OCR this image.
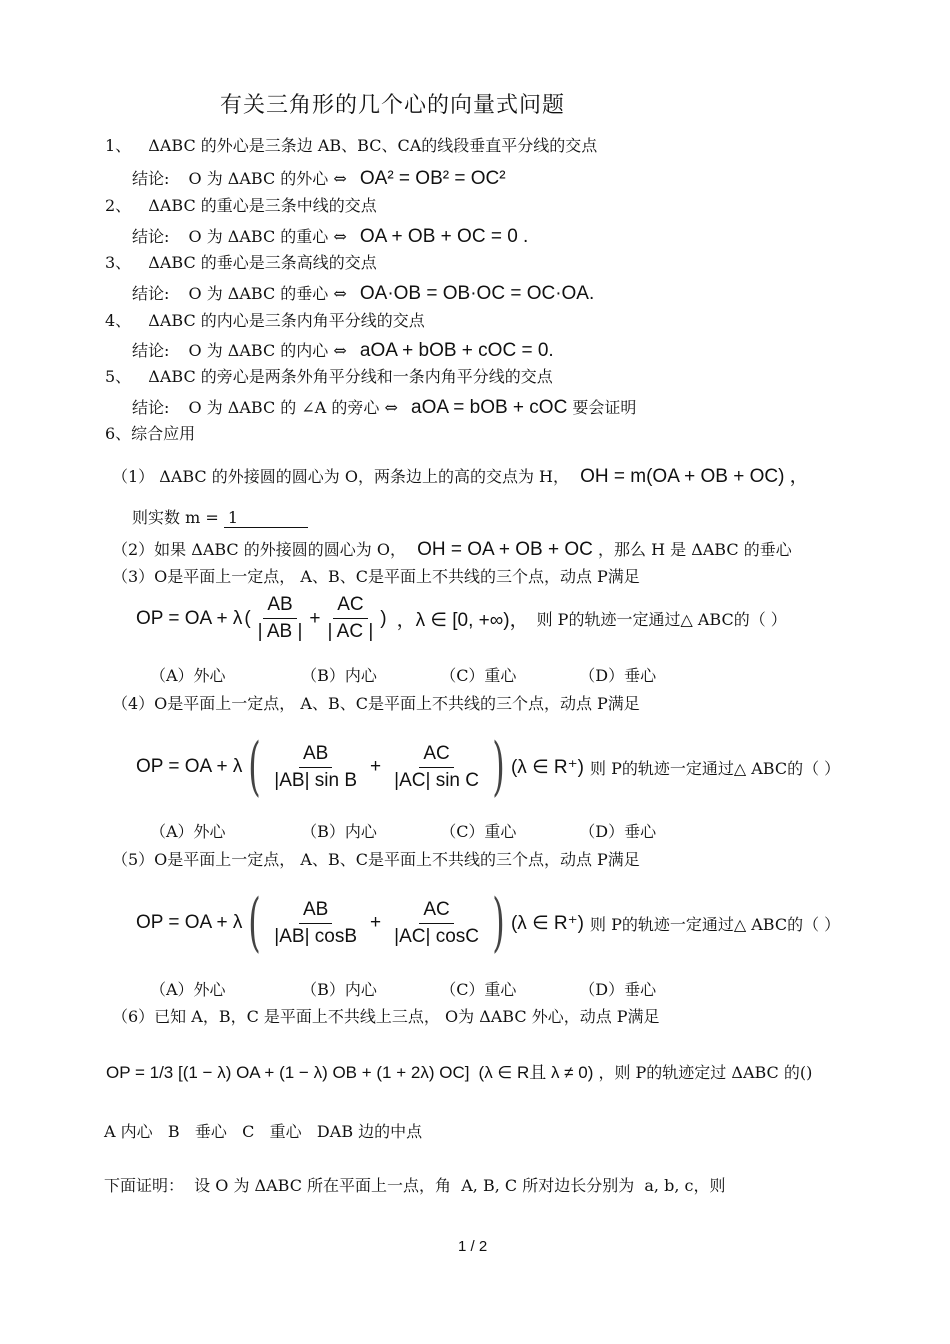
有关三角形的几个心的向量式问题
1、 ΔABC 的外心是三条边 AB、BC、CA的线段垂直平分线的交点
结论: O 为 ΔABC 的外心 ⇔ OA² = OB² = OC²
2、 ΔABC 的重心是三条中线的交点
结论: O 为 ΔABC 的重心 ⇔ OA + OB + OC = 0 .
3、 ΔABC 的垂心是三条高线的交点
结论: O 为 ΔABC 的垂心 ⇔ OA·OB = OB·OC = OC·OA.
4、 ΔABC 的内心是三条内角平分线的交点
结论: O 为 ΔABC 的内心 ⇔ aOA + bOB + cOC = 0.
5、 ΔABC 的旁心是两条外角平分线和一条内角平分线的交点
结论: O 为 ΔABC 的 ∠A 的旁心 ⇔ aOA = bOB + cOC 要会证明
6、综合应用
（1） ΔABC 的外接圆的圆心为 O，两条边上的高的交点为 H， OH = m(OA + OB + OC) ，
则实数 m = 1
（2）如果 ΔABC 的外接圆的圆心为 O， OH = OA + OB + OC ，那么 H 是 ΔABC 的垂心
（3）O是平面上一定点， A、B、C是平面上不共线的三个点，动点 P满足
OP = OA + λ ( $\frac{AB}{| AB |} + \frac{AC}{| AC |}$ ) ，λ ∈ [0, +∞)， 则 P的轨迹一定通过△ ABC的（ ）
（A）外心	（B）内心	（C）重心	（D）垂心
（4）O是平面上一定点， A、B、C是平面上不共线的三个点，动点 P满足
OP = OA + λ ( $\frac{AB}{\text{|AB| sin B}} + \frac{AC}{\text{|AC| sin C}}$ ) (λ ∈ R⁺) 则 P的轨迹一定通过△ ABC的（ ）
（A）外心	（B）内心	（C）重心	（D）垂心
（5）O是平面上一定点， A、B、C是平面上不共线的三个点，动点 P满足
OP = OA + λ ( $\frac{AB}{|AB| \cos B} + \frac{AC}{|AC| \cos C}$ ) (λ ∈ R⁺) 则 P的轨迹一定通过△ ABC的（ ）
（A）外心	（B）内心	（C）重心	（D）垂心
（6）已知 A，B，C 是平面上不共线上三点， O为 ΔABC 外心，动点 P满足
OP = 1/3 [(1 − λ) OA + (1 − λ) OB + (1 + 2λ) OC] (λ ∈ R且 λ ≠ 0) ，则 P的轨迹定过 ΔABC 的()
A 内心   B   垂心   C   重心   DAB 边的中点
下面证明：  设 O 为 ΔABC 所在平面上一点，角  A, B, C 所对边长分别为  a, b, c，则
1 / 2
